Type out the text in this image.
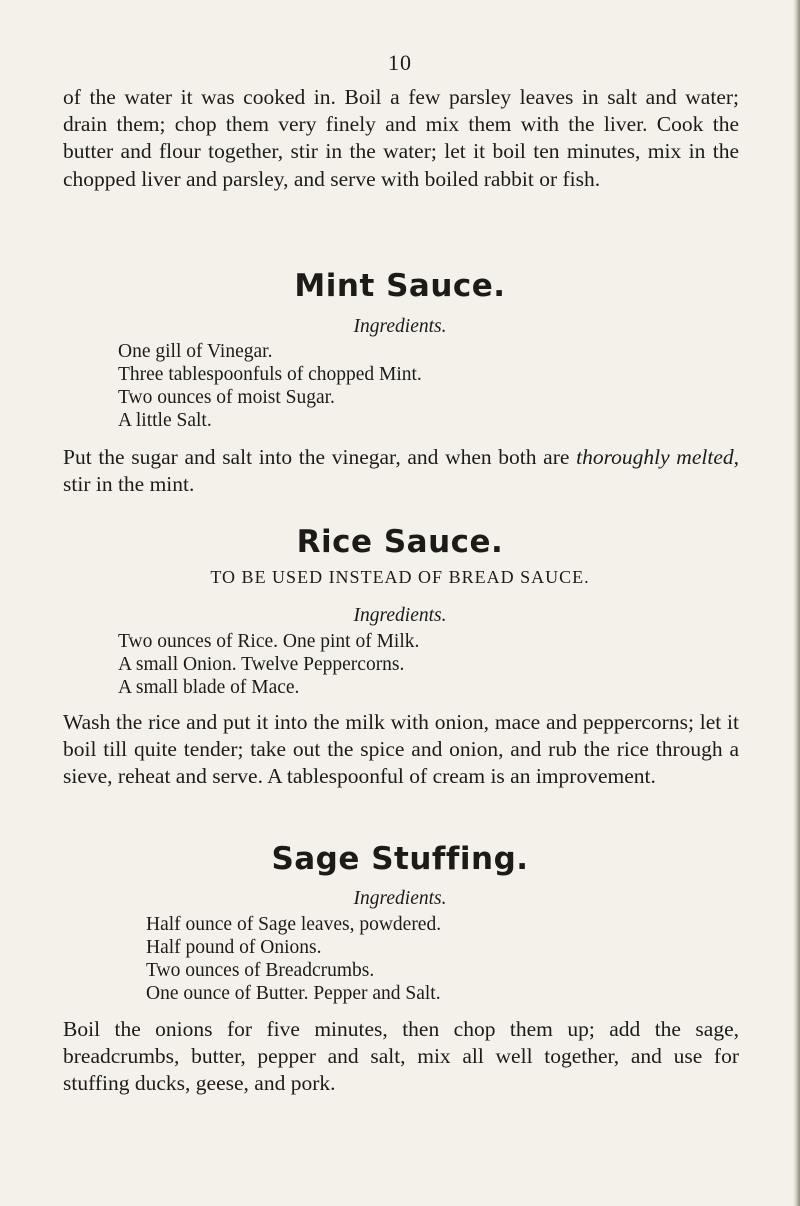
10

of the water it was cooked in. Boil a few parsley leaves in salt and water; drain them; chop them very finely and mix them with the liver. Cook the butter and flour together, stir in the water; let it boil ten minutes, mix in the chopped liver and parsley, and serve with boiled rabbit or fish.

Mint Sauce.

Ingredients.

One gill of Vinegar.
Three tablespoonfuls of chopped Mint.
Two ounces of moist Sugar.
A little Salt.

Put the sugar and salt into the vinegar, and when both are thoroughly melted, stir in the mint.

Rice Sauce.

TO BE USED INSTEAD OF BREAD SAUCE.

Ingredients.

Two ounces of Rice. One pint of Milk.
A small Onion. Twelve Peppercorns.
A small blade of Mace.

Wash the rice and put it into the milk with onion, mace and peppercorns; let it boil till quite tender; take out the spice and onion, and rub the rice through a sieve, reheat and serve. A tablespoonful of cream is an improvement.

Sage Stuffing.

Ingredients.

Half ounce of Sage leaves, powdered.
Half pound of Onions.
Two ounces of Breadcrumbs.
One ounce of Butter. Pepper and Salt.

Boil the onions for five minutes, then chop them up; add the sage, breadcrumbs, butter, pepper and salt, mix all well together, and use for stuffing ducks, geese, and pork.
